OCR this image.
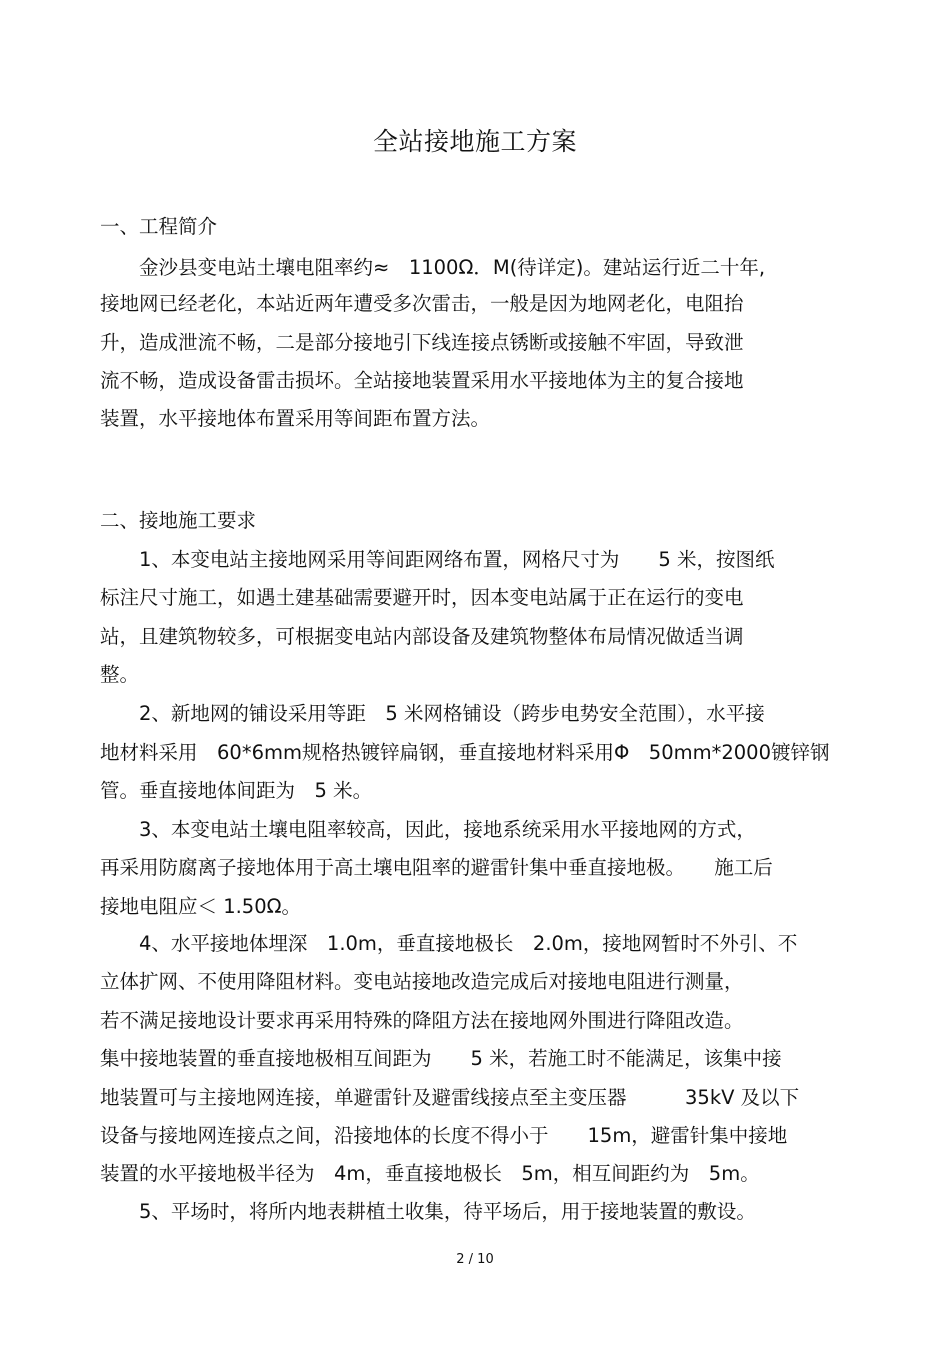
全站接地施工方案
一、工程简介
　　金沙县变电站土壤电阻率约≈　1100Ω．M(待详定)。建站运行近二十年,
接地网已经老化，本站近两年遭受多次雷击，一般是因为地网老化，电阻抬
升，造成泄流不畅，二是部分接地引下线连接点锈断或接触不牢固，导致泄
流不畅，造成设备雷击损坏。全站接地装置采用水平接地体为主的复合接地
装置，水平接地体布置采用等间距布置方法。
二、接地施工要求
　　1、本变电站主接地网采用等间距网络布置，网格尺寸为　　5 米，按图纸
标注尺寸施工，如遇土建基础需要避开时，因本变电站属于正在运行的变电
站，且建筑物较多，可根据变电站内部设备及建筑物整体布局情况做适当调
整。
　　2、新地网的铺设采用等距　5 米网格铺设（跨步电势安全范围），水平接
地材料采用　60*6mm规格热镀锌扁钢，垂直接地材料采用Φ　50mm*2000镀锌钢
管。垂直接地体间距为　5 米。
　　3、本变电站土壤电阻率较高，因此，接地系统采用水平接地网的方式，
再采用防腐离子接地体用于高土壤电阻率的避雷针集中垂直接地极。　　施工后
接地电阻应＜ 1.50Ω。
　　4、水平接地体埋深　1.0m，垂直接地极长　2.0m，接地网暂时不外引、不
立体扩网、不使用降阻材料。变电站接地改造完成后对接地电阻进行测量，
若不满足接地设计要求再采用特殊的降阻方法在接地网外围进行降阻改造。
集中接地装置的垂直接地极相互间距为　　5 米，若施工时不能满足，该集中接
地装置可与主接地网连接，单避雷针及避雷线接点至主变压器　　　35kV 及以下
设备与接地网连接点之间，沿接地体的长度不得小于　　15m，避雷针集中接地
装置的水平接地极半径为　4m，垂直接地极长　5m，相互间距约为　5m。
　　5、平场时，将所内地表耕植土收集，待平场后，用于接地装置的敷设。
2 / 10
